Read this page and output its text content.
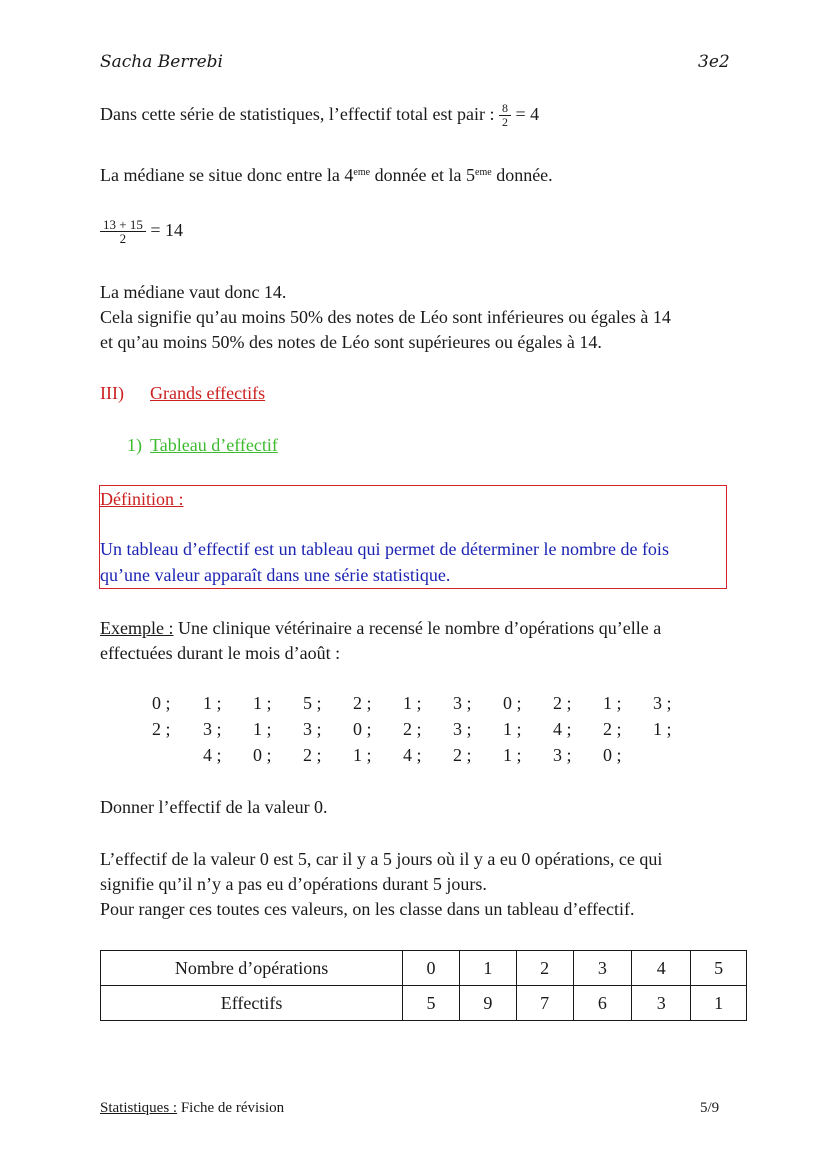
Sacha Berrebi	3e2
Dans cette série de statistiques, l’effectif total est pair : $\frac{8}{2} = 4$
La médiane se situe donc entre la 4eme donnée et la 5eme donnée.
$\frac{13 + 15}{2} = 14$
La médiane vaut donc 14.
Cela signifie qu’au moins 50% des notes de Léo sont inférieures ou égales à 14
et qu’au moins 50% des notes de Léo sont supérieures ou égales à 14.
III) Grands effectifs
1) Tableau d’effectif
Définition :
Un tableau d’effectif est un tableau qui permet de déterminer le nombre de fois
qu’une valeur apparaît dans une série statistique.
Exemple : Une clinique vétérinaire a recensé le nombre d’opérations qu’elle a
effectuées durant le mois d’août :
0 ; 1 ; 1 ; 5 ; 2 ; 1 ; 3 ; 0 ; 2 ; 1 ; 3 ;
2 ; 3 ; 1 ; 3 ; 0 ; 2 ; 3 ; 1 ; 4 ; 2 ; 1 ;
4 ; 0 ; 2 ; 1 ; 4 ; 2 ; 1 ; 3 ; 0 ;
Donner l’effectif de la valeur 0.
L’effectif de la valeur 0 est 5, car il y a 5 jours où il y a eu 0 opérations, ce qui
signifie qu’il n’y a pas eu d’opérations durant 5 jours.
Pour ranger ces toutes ces valeurs, on les classe dans un tableau d’effectif.
Nombre d’opérations	0	1	2	3	4	5
Effectifs	5	9	7	6	3	1
Statistiques : Fiche de révision	5/9
